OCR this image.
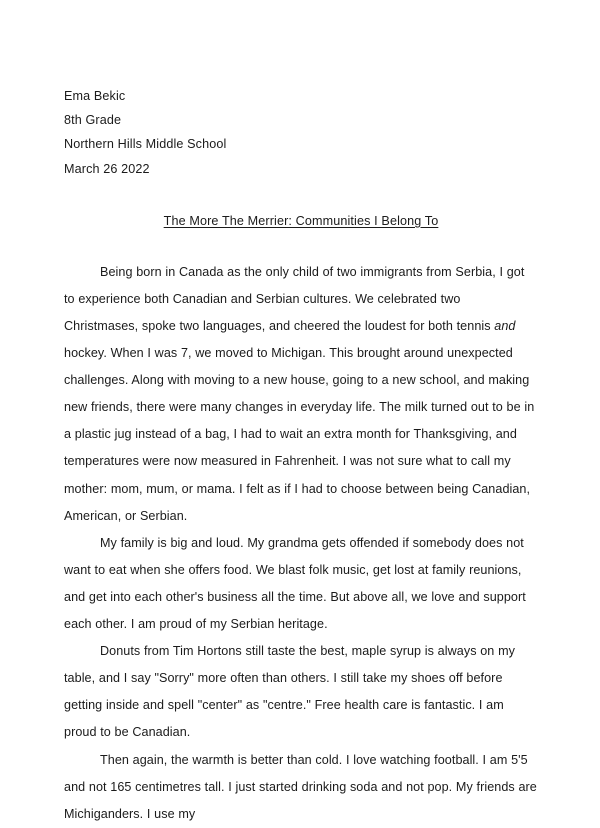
Ema Bekic
8th Grade
Northern Hills Middle School
March 26 2022
The More The Merrier: Communities I Belong To

Being born in Canada as the only child of two immigrants from Serbia, I got to experience both Canadian and Serbian cultures. We celebrated two Christmases, spoke two languages, and cheered the loudest for both tennis and hockey. When I was 7, we moved to Michigan. This brought around unexpected challenges. Along with moving to a new house, going to a new school, and making new friends, there were many changes in everyday life. The milk turned out to be in a plastic jug instead of a bag, I had to wait an extra month for Thanksgiving, and temperatures were now measured in Fahrenheit. I was not sure what to call my mother: mom, mum, or mama. I felt as if I had to choose between being Canadian, American, or Serbian.

My family is big and loud. My grandma gets offended if somebody does not want to eat when she offers food. We blast folk music, get lost at family reunions, and get into each other's business all the time. But above all, we love and support each other. I am proud of my Serbian heritage.

Donuts from Tim Hortons still taste the best, maple syrup is always on my table, and I say "Sorry" more often than others. I still take my shoes off before getting inside and spell "center" as "centre." Free health care is fantastic. I am proud to be Canadian.

Then again, the warmth is better than cold. I love watching football. I am 5'5 and not 165 centimetres tall. I just started drinking soda and not pop. My friends are Michiganders. I use my
